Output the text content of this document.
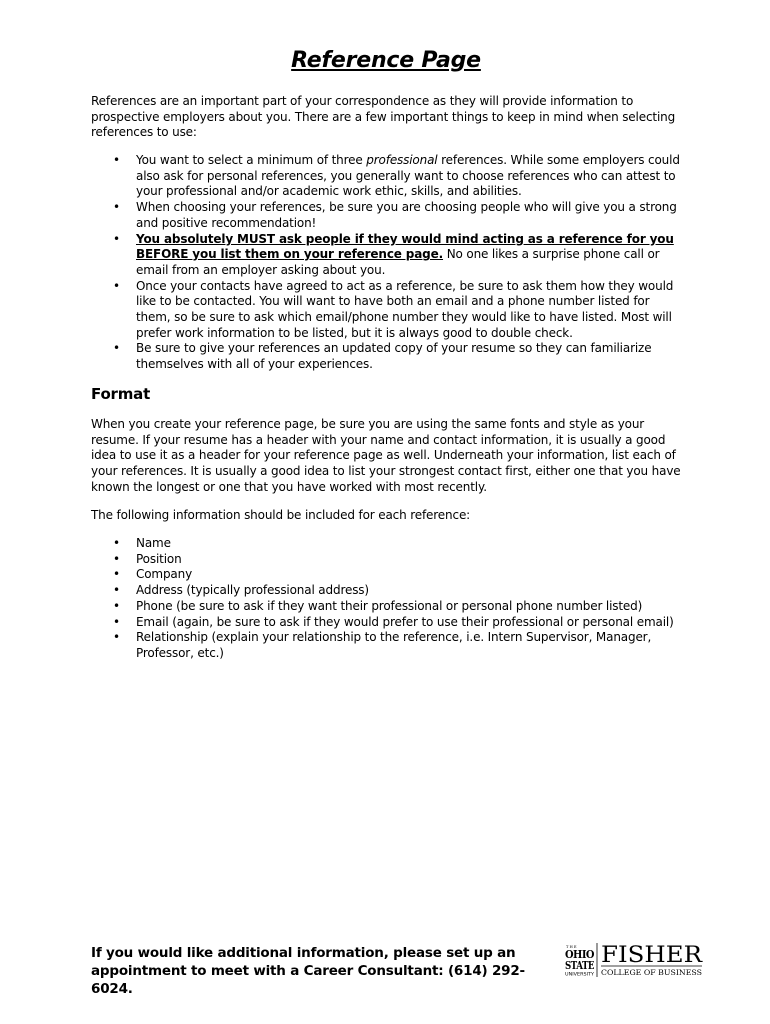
Reference Page

References are an important part of your correspondence as they will provide information to prospective employers about you. There are a few important things to keep in mind when selecting references to use:

• You want to select a minimum of three professional references. While some employers could also ask for personal references, you generally want to choose references who can attest to your professional and/or academic work ethic, skills, and abilities.
• When choosing your references, be sure you are choosing people who will give you a strong and positive recommendation!
• You absolutely MUST ask people if they would mind acting as a reference for you BEFORE you list them on your reference page. No one likes a surprise phone call or email from an employer asking about you.
• Once your contacts have agreed to act as a reference, be sure to ask them how they would like to be contacted. You will want to have both an email and a phone number listed for them, so be sure to ask which email/phone number they would like to have listed. Most will prefer work information to be listed, but it is always good to double check.
• Be sure to give your references an updated copy of your resume so they can familiarize themselves with all of your experiences.
Format

When you create your reference page, be sure you are using the same fonts and style as your resume. If your resume has a header with your name and contact information, it is usually a good idea to use it as a header for your reference page as well. Underneath your information, list each of your references. It is usually a good idea to list your strongest contact first, either one that you have known the longest or one that you have worked with most recently.

The following information should be included for each reference:

• Name
• Position
• Company
• Address (typically professional address)
• Phone (be sure to ask if they want their professional or personal phone number listed)
• Email (again, be sure to ask if they would prefer to use their professional or personal email)
• Relationship (explain your relationship to the reference, i.e. Intern Supervisor, Manager, Professor, etc.)

If you would like additional information, please set up an appointment to meet with a Career Consultant: (614) 292-6024.

THE
OHIO
STATE
UNIVERSITY
FISHER
COLLEGE OF BUSINESS
